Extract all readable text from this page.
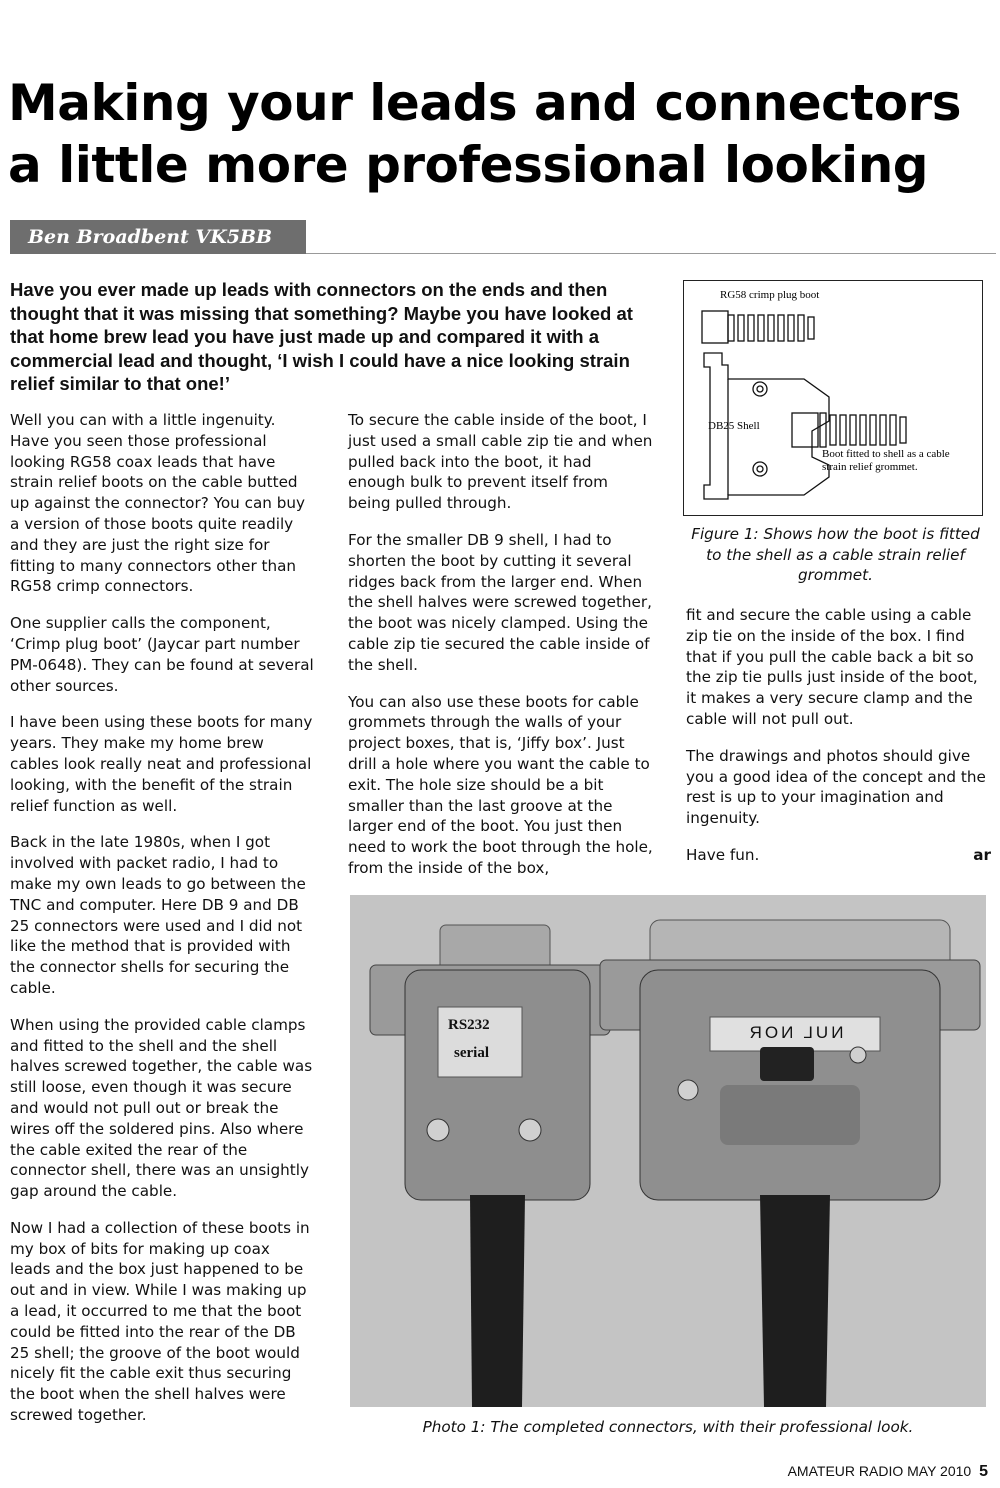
Making your leads and connectors
a little more professional looking
Ben Broadbent VK5BB
Have you ever made up leads with connectors on the ends and then thought that it was missing that something? Maybe you have looked at that home brew lead you have just made up and compared it with a commercial lead and thought, ‘I wish I could have a nice looking strain relief similar to that one!’

Well you can with a little ingenuity. Have you seen those professional looking RG58 coax leads that have strain relief boots on the cable butted up against the connector? You can buy a version of those boots quite readily and they are just the right size for fitting to many connectors other than RG58 crimp connectors.

One supplier calls the component, ‘Crimp plug boot’ (Jaycar part number PM-0648). They can be found at several other sources.

I have been using these boots for many years. They make my home brew cables look really neat and professional looking, with the benefit of the strain relief function as well.

Back in the late 1980s, when I got involved with packet radio, I had to make my own leads to go between the TNC and computer. Here DB 9 and DB 25 connectors were used and I did not like the method that is provided with the connector shells for securing the cable.

When using the provided cable clamps and fitted to the shell and the shell halves screwed together, the cable was still loose, even though it was secure and would not pull out or break the wires off the soldered pins. Also where the cable exited the rear of the connector shell, there was an unsightly gap around the cable.

Now I had a collection of these boots in my box of bits for making up coax leads and the box just happened to be out and in view. While I was making up a lead, it occurred to me that the boot could be fitted into the rear of the DB 25 shell; the groove of the boot would nicely fit the cable exit thus securing the boot when the shell halves were screwed together.

To secure the cable inside of the boot, I just used a small cable zip tie and when pulled back into the boot, it had enough bulk to prevent itself from being pulled through.

For the smaller DB 9 shell, I had to shorten the boot by cutting it several ridges back from the larger end. When the shell halves were screwed together, the boot was nicely clamped. Using the cable zip tie secured the cable inside of the shell.

You can also use these boots for cable grommets through the walls of your project boxes, that is, ‘Jiffy box’. Just drill a hole where you want the cable to exit. The hole size should be a bit smaller than the last groove at the larger end of the boot. You just then need to work the boot through the hole, from the inside of the box,

RG58 crimp plug boot
DB25 Shell
Boot fitted to shell as a cable strain relief grommet.
Figure 1: Shows how the boot is fitted to the shell as a cable strain relief grommet.

fit and secure the cable using a cable zip tie on the inside of the box. I find that if you pull the cable back a bit so the zip tie pulls just inside of the boot, it makes a very secure clamp and the cable will not pull out.

The drawings and photos should give you a good idea of the concept and the rest is up to your imagination and ingenuity.

Have fun.	ar

RS232
serial
NUL NOR
Photo 1: The completed connectors, with their professional look.
AMATEUR RADIO MAY 2010 5
